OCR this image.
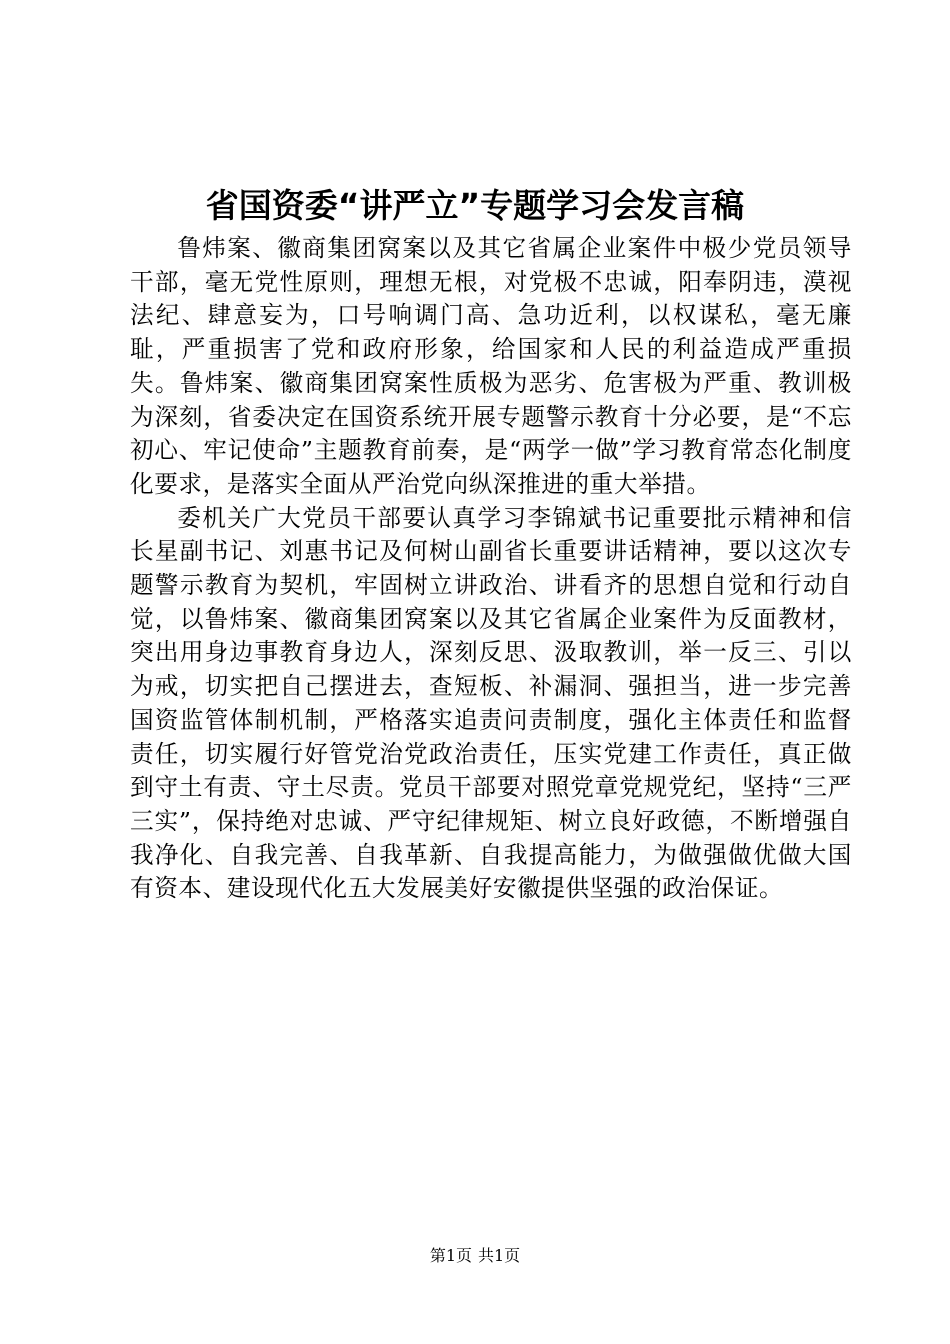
省国资委“讲严立”专题学习会发言稿

鲁炜案、徽商集团窝案以及其它省属企业案件中极少党员领导干部，毫无党性原则，理想无根，对党极不忠诚，阳奉阴违，漠视法纪、肆意妄为，口号响调门高、急功近利，以权谋私，毫无廉耻，严重损害了党和政府形象，给国家和人民的利益造成严重损失。鲁炜案、徽商集团窝案性质极为恶劣、危害极为严重、教训极为深刻，省委决定在国资系统开展专题警示教育十分必要，是“不忘初心、牢记使命”主题教育前奏，是“两学一做”学习教育常态化制度化要求，是落实全面从严治党向纵深推进的重大举措。

委机关广大党员干部要认真学习李锦斌书记重要批示精神和信长星副书记、刘惠书记及何树山副省长重要讲话精神，要以这次专题警示教育为契机，牢固树立讲政治、讲看齐的思想自觉和行动自觉，以鲁炜案、徽商集团窝案以及其它省属企业案件为反面教材，突出用身边事教育身边人，深刻反思、汲取教训，举一反三、引以为戒，切实把自己摆进去，查短板、补漏洞、强担当，进一步完善国资监管体制机制，严格落实追责问责制度，强化主体责任和监督责任，切实履行好管党治党政治责任，压实党建工作责任，真正做到守土有责、守土尽责。党员干部要对照党章党规党纪，坚持“三严三实”，保持绝对忠诚、严守纪律规矩、树立良好政德，不断增强自我净化、自我完善、自我革新、自我提高能力，为做强做优做大国有资本、建设现代化五大发展美好安徽提供坚强的政治保证。

第1页 共1页
